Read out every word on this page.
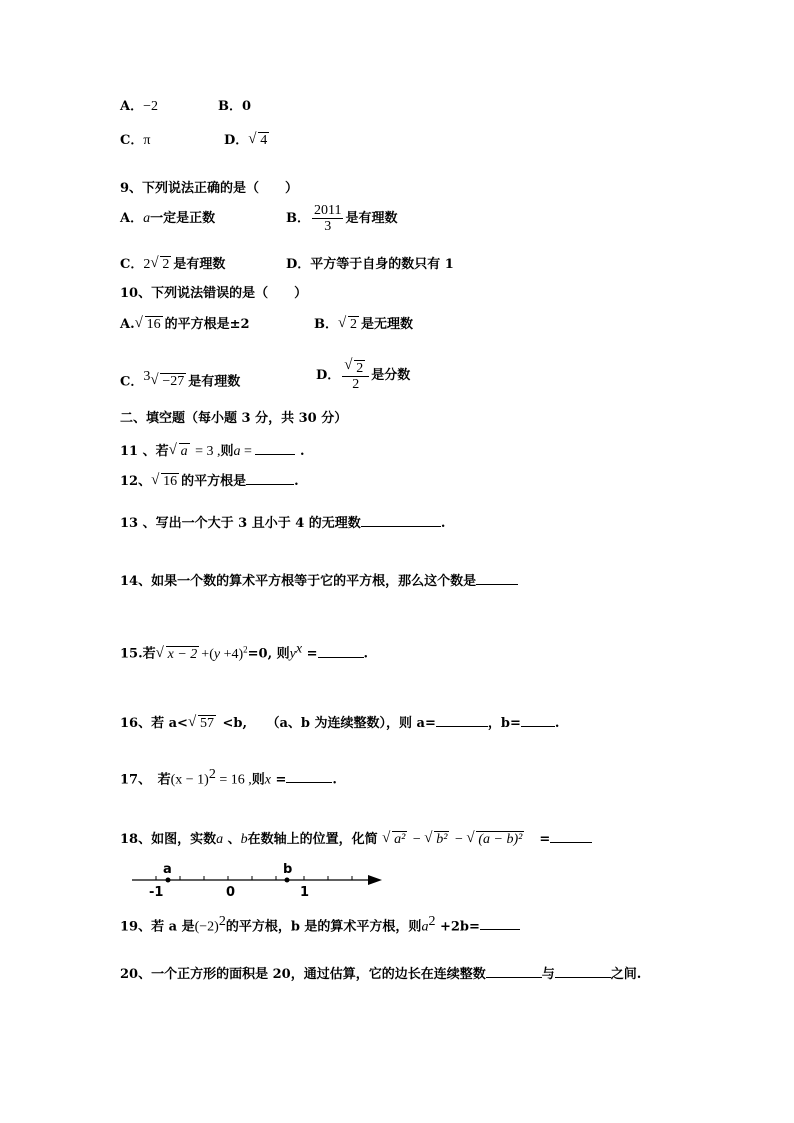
A．−2	B．0
C．π	D． √ 4
9、下列说法正确的是（　　）
A．a一定是正数	B． $\frac{2011}{3}$ 是有理数
C．2 √ 2 是有理数	D．平方等于自身的数只有 1
10、下列说法错误的是（　　）
A. √ 16 的平方根是±2	B． √ 2 是无理数
C．$^3$ √ −27 是有理数	D． √ $\frac{2}{2}$ 是分数
二、填空题（每小题 3 分，共 30 分）
11 、若 √ a = 3 ,则a =	.
12、 √ 16 的平方根是	.
13 、写出一个大于 3 且小于 4 的无理数	.
14、如果一个数的算术平方根等于它的平方根，那么这个数是
15.若 √ $x - 2 +(y +4)^2=0$, 则$y^x$ =	.
16、若 a< √ 57 <b,　　（a、b 为连续整数），则 a=	，b=	.
17、　若$(x - 1)^2 = 16$ ,则x =	.
18、如图，实数a 、b在数轴上的位置，化简 √ a² − √ b² − √ (a − b)²　=
a	b
-1	0	1
19、若 a 是$(-2)^2$的平方根，b 是的算术平方根，则$a^2 +2b=$
20、一个正方形的面积是 20，通过估算，它的边长在连续整数	与	之间.
